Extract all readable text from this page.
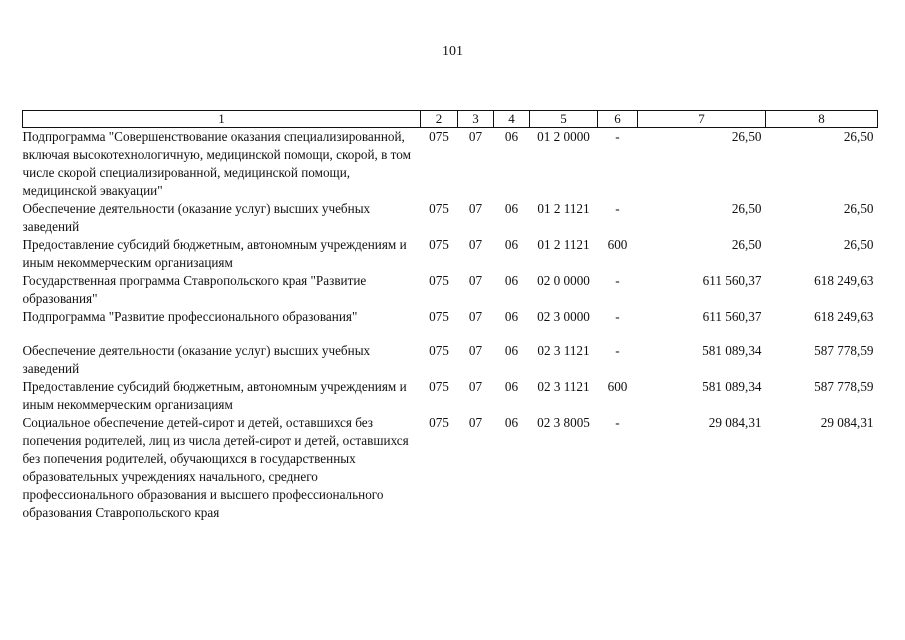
101
1	2	3	4	5	6	7	8
Подпрограмма "Совершенствование оказания специализированной, включая высокотехнологичную, медицинской помощи, скорой, в том числе скорой специализированной, медицинской помощи, медицинской эвакуации"	075	07	06	01 2 0000	-	26,50	26,50
Обеспечение деятельности (оказание услуг) высших учебных заведений	075	07	06	01 2 1121	-	26,50	26,50
Предоставление субсидий бюджетным, автономным учреждениям и иным некоммерческим организациям	075	07	06	01 2 1121	600	26,50	26,50
Государственная программа Ставропольского края "Развитие образования"	075	07	06	02 0 0000	-	611 560,37	618 249,63
Подпрограмма "Развитие профессионального образования"	075	07	06	02 3 0000	-	611 560,37	618 249,63
Обеспечение деятельности (оказание услуг) высших учебных заведений	075	07	06	02 3 1121	-	581 089,34	587 778,59
Предоставление субсидий бюджетным, автономным учреждениям и иным некоммерческим организациям	075	07	06	02 3 1121	600	581 089,34	587 778,59
Социальное обеспечение детей-сирот и детей, оставшихся без попечения родителей, лиц из числа детей-сирот и детей, оставшихся без попечения родителей, обучающихся в государственных образовательных учреждениях начального, среднего профессионального образования и высшего профессионального образования Ставропольского края	075	07	06	02 3 8005	-	29 084,31	29 084,31
